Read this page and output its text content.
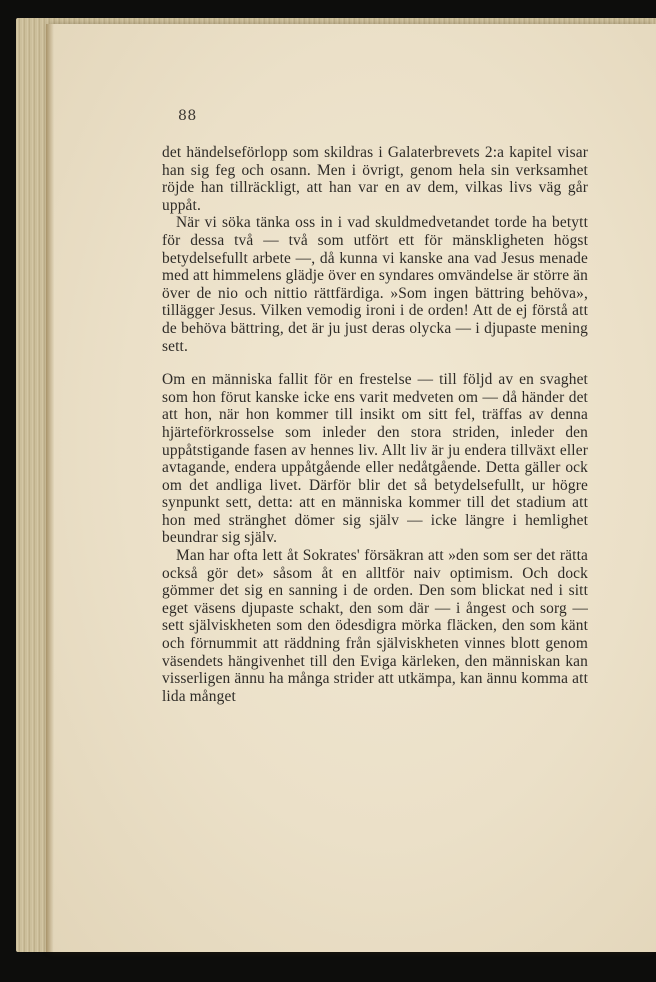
88

det händelseförlopp som skildras i Galaterbrevets 2:a kapitel visar han sig feg och osann. Men i övrigt, genom hela sin verksamhet röjde han tillräckligt, att han var en av dem, vilkas livs väg går uppåt.

När vi söka tänka oss in i vad skuldmedvetandet torde ha betytt för dessa två — två som utfört ett för mänskligheten högst betydelsefullt arbete —, då kunna vi kanske ana vad Jesus menade med att himmelens glädje över en syndares omvändelse är större än över de nio och nittio rättfärdiga. »Som ingen bättring behöva», tillägger Jesus. Vilken vemodig ironi i de orden! Att de ej förstå att de behöva bättring, det är ju just deras olycka — i djupaste mening sett.

Om en människa fallit för en frestelse — till följd av en svaghet som hon förut kanske icke ens varit medveten om — då händer det att hon, när hon kommer till insikt om sitt fel, träffas av denna hjärteförkrosselse som inleder den stora striden, inleder den uppåtstigande fasen av hennes liv. Allt liv är ju endera tillväxt eller avtagande, endera uppåtgående eller nedåtgående. Detta gäller ock om det andliga livet. Därför blir det så betydelsefullt, ur högre synpunkt sett, detta: att en människa kommer till det stadium att hon med stränghet dömer sig själv — icke längre i hemlighet beundrar sig själv.

Man har ofta lett åt Sokrates' försäkran att »den som ser det rätta också gör det» såsom åt en alltför naiv optimism. Och dock gömmer det sig en sanning i de orden. Den som blickat ned i sitt eget väsens djupaste schakt, den som där — i ångest och sorg — sett själviskheten som den ödesdigra mörka fläcken, den som känt och förnummit att räddning från själviskheten vinnes blott genom väsendets hängivenhet till den Eviga kärleken, den människan kan visserligen ännu ha många strider att utkämpa, kan ännu komma att lida månget
